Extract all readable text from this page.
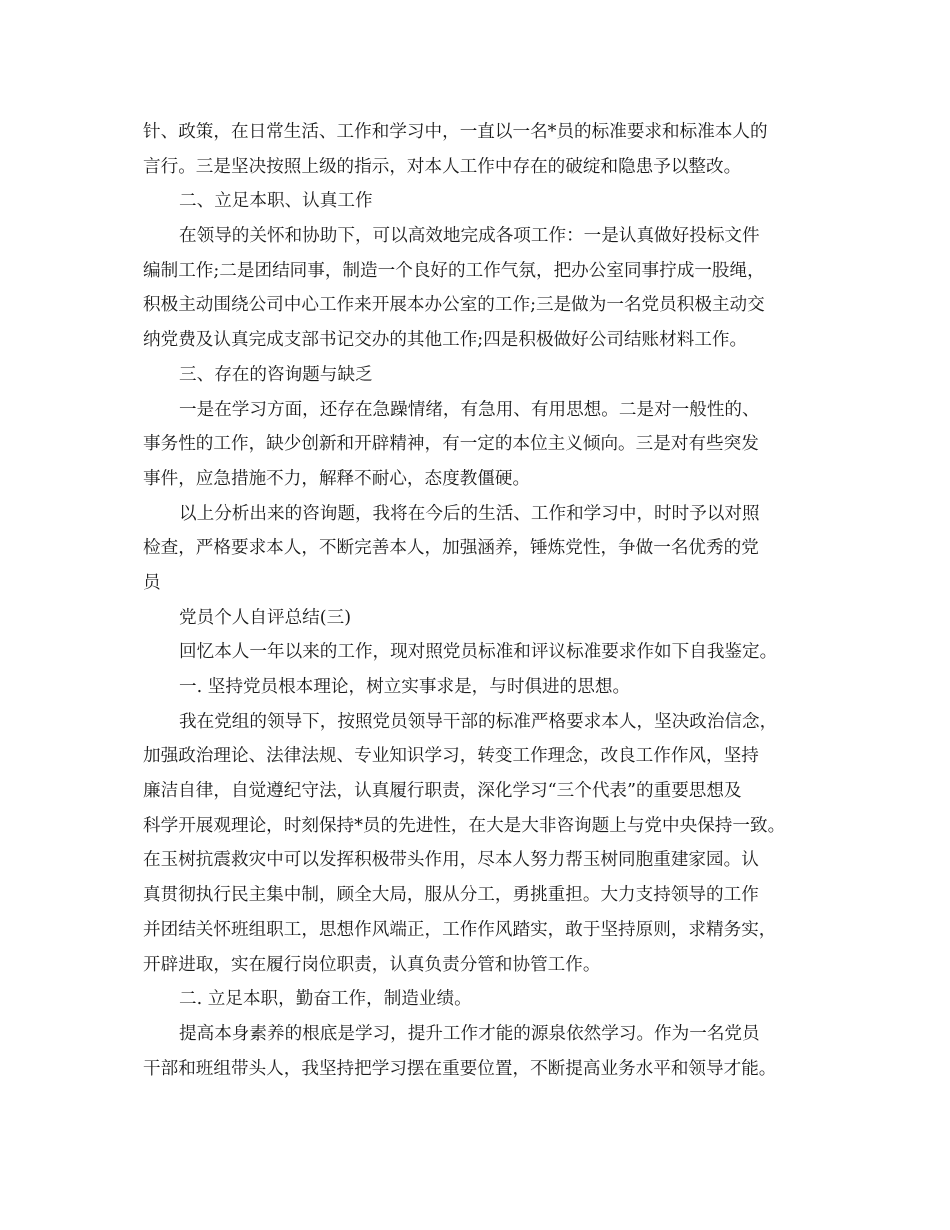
针、政策，在日常生活、工作和学习中，一直以一名*员的标准要求和标准本人的
言行。三是坚决按照上级的指示，对本人工作中存在的破绽和隐患予以整改。
二、立足本职、认真工作
在领导的关怀和协助下，可以高效地完成各项工作：一是认真做好投标文件
编制工作;二是团结同事，制造一个良好的工作气氛，把办公室同事拧成一股绳，
积极主动围绕公司中心工作来开展本办公室的工作;三是做为一名党员积极主动交
纳党费及认真完成支部书记交办的其他工作;四是积极做好公司结账材料工作。
三、存在的咨询题与缺乏
一是在学习方面，还存在急躁情绪，有急用、有用思想。二是对一般性的、
事务性的工作，缺少创新和开辟精神，有一定的本位主义倾向。三是对有些突发
事件，应急措施不力，解释不耐心，态度教僵硬。
以上分析出来的咨询题，我将在今后的生活、工作和学习中，时时予以对照
检查，严格要求本人，不断完善本人，加强涵养，锤炼党性，争做一名优秀的党
员
党员个人自评总结(三)
回忆本人一年以来的工作，现对照党员标准和评议标准要求作如下自我鉴定。
一. 坚持党员根本理论，树立实事求是，与时俱进的思想。
我在党组的领导下，按照党员领导干部的标准严格要求本人，坚决政治信念，
加强政治理论、法律法规、专业知识学习，转变工作理念，改良工作作风，坚持
廉洁自律，自觉遵纪守法，认真履行职责，深化学习“三个代表”的重要思想及
科学开展观理论，时刻保持*员的先进性，在大是大非咨询题上与党中央保持一致。
在玉树抗震救灾中可以发挥积极带头作用，尽本人努力帮玉树同胞重建家园。认
真贯彻执行民主集中制，顾全大局，服从分工，勇挑重担。大力支持领导的工作
并团结关怀班组职工，思想作风端正，工作作风踏实，敢于坚持原则，求精务实，
开辟进取，实在履行岗位职责，认真负责分管和协管工作。
二. 立足本职，勤奋工作，制造业绩。
提高本身素养的根底是学习，提升工作才能的源泉依然学习。作为一名党员
干部和班组带头人，我坚持把学习摆在重要位置，不断提高业务水平和领导才能。
